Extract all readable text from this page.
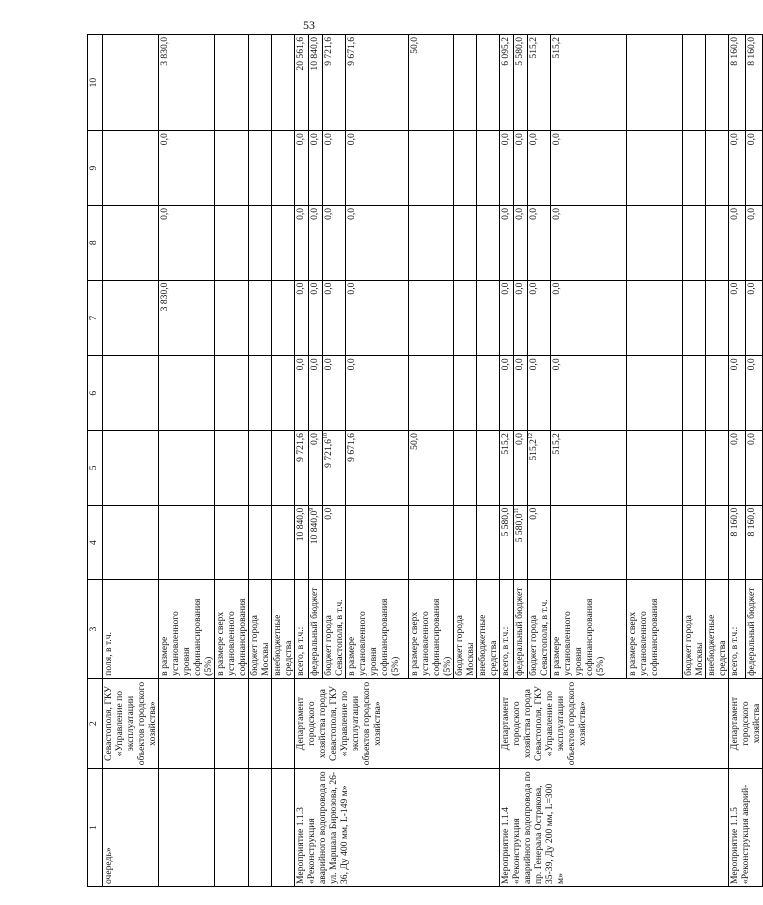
53
1	2	3	4	5	6	7	8	9	10
очередь»	Севастополя, ГКУ «Управление по эксплуатации объектов городского хозяйства»	поля, в т.ч.							
		в размере установленного уровня софинансирования (5%)				3 830,0	0,0	0,0	3 830,0
		в размере сверх установленного софинансирования							
		бюджет города Москвы							
		внебюджетные средства							
Мероприятие 1.1.3 «Реконструкция аварийного водопровода по ул. Маршала Бирюзова, 26-36, Ду 400 мм, L-149 м»	Департамент городского хозяйства города Севастополя, ГКУ «Управление по эксплуатации объектов городского хозяйства»	всего, в т.ч.:	10 840,0	9 721,6	0,0	0,0	0,0	0,0	20 561,6
		федеральный бюджет	10 840,0$^9$	0,0	0,0	0,0	0,0	0,0	10 840,0
		бюджет города Севастополя, в т.ч.	0,0	9 721,6$^{10}$	0,0	0,0	0,0	0,0	9 721,6
		в размере установленного уровня софинансирования (5%)		9 671,6	0,0	0,0	0,0	0,0	9 671,6
		в размере сверх установленного софинансирования (5%)		50,0					50,0
		бюджет города Москвы							
		внебюджетные средства							
Мероприятие 1.1.4 «Реконструкция аварийного водопровода по пр. Генерала Острякова, 35-39, Ду 200 мм, L=300 м»	Департамент городского хозяйства города Севастополя, ГКУ «Управление по эксплуатации объектов городского хозяйства»	всего, в т.ч.:	5 580,0	515,2	0,0	0,0	0,0	0,0	6 095,2
		федеральный бюджет	5 580,0$^{11}$	0,0	0,0	0,0	0,0	0,0	5 580,0
		бюджет города Севастополя, в т.ч.	0,0	515,2$^{12}$	0,0	0,0	0,0	0,0	515,2
		в размере установленного уровня софинансирования (5%)		515,2	0,0	0,0	0,0	0,0	515,2
		в размере сверх установленного софинансирования							
		бюджет города Москвы							
		внебюджетные средства							
Мероприятие 1.1.5 «Реконструкция аварий-	Департамент городского хозяйства	всего, в т.ч.:	8 160,0	0,0	0,0	0,0	0,0	0,0	8 160,0
		федеральный бюджет	8 160,0	0,0	0,0	0,0	0,0	0,0	8 160,0
